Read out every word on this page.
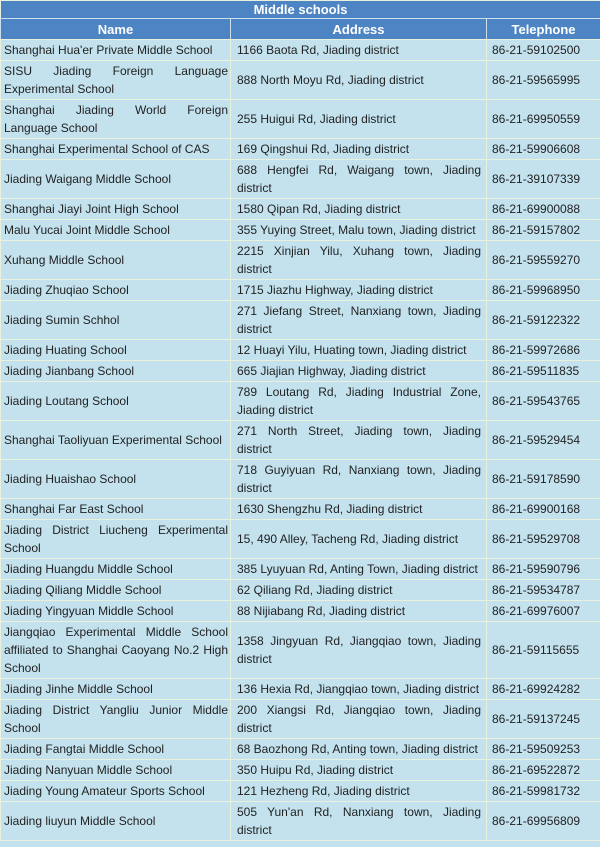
Middle schools		
Name	Address	Telephone
Shanghai Hua'er Private Middle School	1166 Baota Rd, Jiading district	86-21-59102500
SISU Jiading Foreign Language Experimental School	888 North Moyu Rd, Jiading district	86-21-59565995
Shanghai Jiading World Foreign Language School	255 Huigui Rd, Jiading district	86-21-69950559
Shanghai Experimental School of CAS	169 Qingshui Rd, Jiading district	86-21-59906608
Jiading Waigang Middle School	688 Hengfei Rd, Waigang town, Jiading district	86-21-39107339
Shanghai Jiayi Joint High School	1580 Qipan Rd, Jiading district	86-21-69900088
Malu Yucai Joint Middle School	355 Yuying Street, Malu town, Jiading district	86-21-59157802
Xuhang Middle School	2215 Xinjian Yilu, Xuhang town, Jiading district	86-21-59559270
Jiading Zhuqiao School	1715 Jiazhu Highway, Jiading district	86-21-59968950
Jiading Sumin Schhol	271 Jiefang Street, Nanxiang town, Jiading district	86-21-59122322
Jiading Huating School	12 Huayi Yilu, Huating town, Jiading district	86-21-59972686
Jiading Jianbang School	665 Jiajian Highway, Jiading district	86-21-59511835
Jiading Loutang School	789 Loutang Rd, Jiading Industrial Zone, Jiading district	86-21-59543765
Shanghai Taoliyuan Experimental School	271 North Street, Jiading town, Jiading district	86-21-59529454
Jiading Huaishao School	718 Guyiyuan Rd, Nanxiang town, Jiading district	86-21-59178590
Shanghai Far East School	1630 Shengzhu Rd, Jiading district	86-21-69900168
Jiading District Liucheng Experimental School	15, 490 Alley, Tacheng Rd, Jiading district	86-21-59529708
Jiading Huangdu Middle School	385 Lyuyuan Rd, Anting Town, Jiading district	86-21-59590796
Jiading Qiliang Middle School	62 Qiliang Rd, Jiading district	86-21-59534787
Jiading Yingyuan Middle School	88 Nijiabang Rd, Jiading district	86-21-69976007
Jiangqiao Experimental Middle School affiliated to Shanghai Caoyang No.2 High School	1358 Jingyuan Rd, Jiangqiao town, Jiading district	86-21-59115655
Jiading Jinhe Middle School	136 Hexia Rd, Jiangqiao town, Jiading district	86-21-69924282
Jiading District Yangliu Junior Middle School	200 Xiangsi Rd, Jiangqiao town, Jiading district	86-21-59137245
Jiading Fangtai Middle School	68 Baozhong Rd, Anting town, Jiading district	86-21-59509253
Jiading Nanyuan Middle School	350 Huipu Rd, Jiading district	86-21-69522872
Jiading Young Amateur Sports School	121 Hezheng Rd, Jiading district	86-21-59981732
Jiading liuyun Middle School	505 Yun'an Rd, Nanxiang town, Jiading district	86-21-69956809
